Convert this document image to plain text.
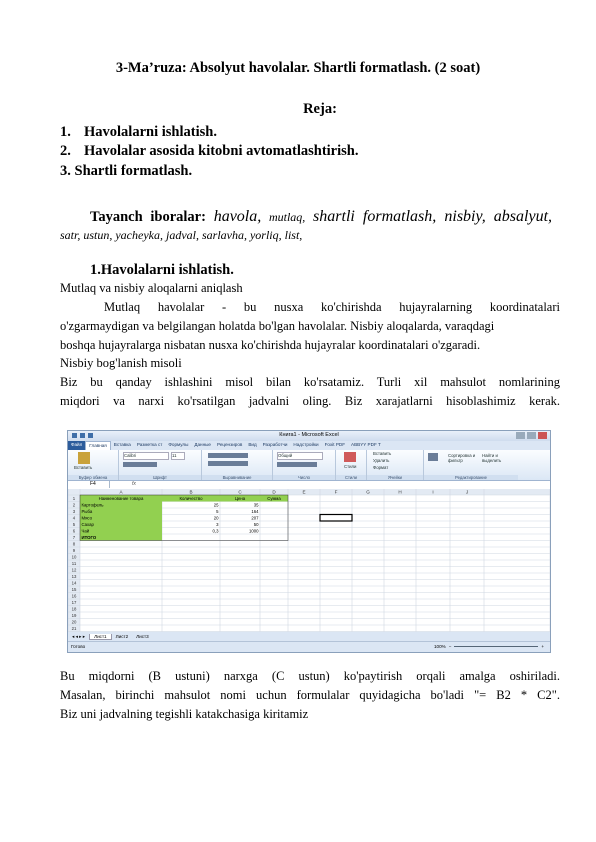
3-Ma’ruza: Absolyut havolalar. Shartli formatlash. (2 soat)
Reja:
1. Havolalarni ishlatish.
2. Havolalar asosida kitobni avtomatlashtirish.
3. Shartli formatlash.
Tayanch iboralar: havola, mutlaq, shartli formatlash, nisbiy, absalyut,
satr, ustun, yacheyka, jadval, sarlavha, yorliq, list,
1.Havolalarni ishlatish.
Mutlaq va nisbiy aloqalarni aniqlash
Mutlaq havolalar - bu nusxa ko'chirishda hujayralarning koordinatalari
o'zgarmaydigan va belgilangan holatda bo'lgan havolalar. Nisbiy aloqalarda, varaqdagi
boshqa hujayralarga nisbatan nusxa ko'chirishda hujayralar koordinatalari o'zgaradi.
Nisbiy bog'lanish misoli
Biz bu qanday ishlashini misol bilan ko'rsatamiz. Turli xil mahsulot nomlarining
miqdori va narxi ko'rsatilgan jadvalni oling. Biz xarajatlarni hisoblashimiz kerak.
Книга1 - Microsoft Excel
Файл	Главная	Вставка	Разметка ст	Формулы	Данные	Рецензиров	Вид	Разработчи	Надстройки	Foxit PDF	ABBYY PDF T
Вставить
Буфер обмена
Calibri	11
Шрифт	Выравнивание
Общий
Число
Стили
Стили
Вставить
Удалить
Формат
Ячейки
Сортировка и фильтр
Найти и выделить
Редактирование
F4	fx
A	B	C	D	E	F	G	H	I	J
1
2
3
4
5
6
7
8
9
10
11
12
13
14
15
16
17
18
19
20
21
Наименование товара	Количество	Цена	Сумма
Картофель	25	35
Рыба	5	164
Мясо	20	207
Сахар	3	50
Чай	0,3	1000
ИТОГО
◂ ◂ ▸ ▸	Лист1	Лист2	Лист3
Готово	100% −	+
Bu miqdorni (B ustuni) narxga (C ustun) ko'paytirish orqali amalga oshiriladi.
Masalan, birinchi mahsulot nomi uchun formulalar quyidagicha bo'ladi "= B2 * C2".
Biz uni jadvalning tegishli katakchasiga kiritamiz
